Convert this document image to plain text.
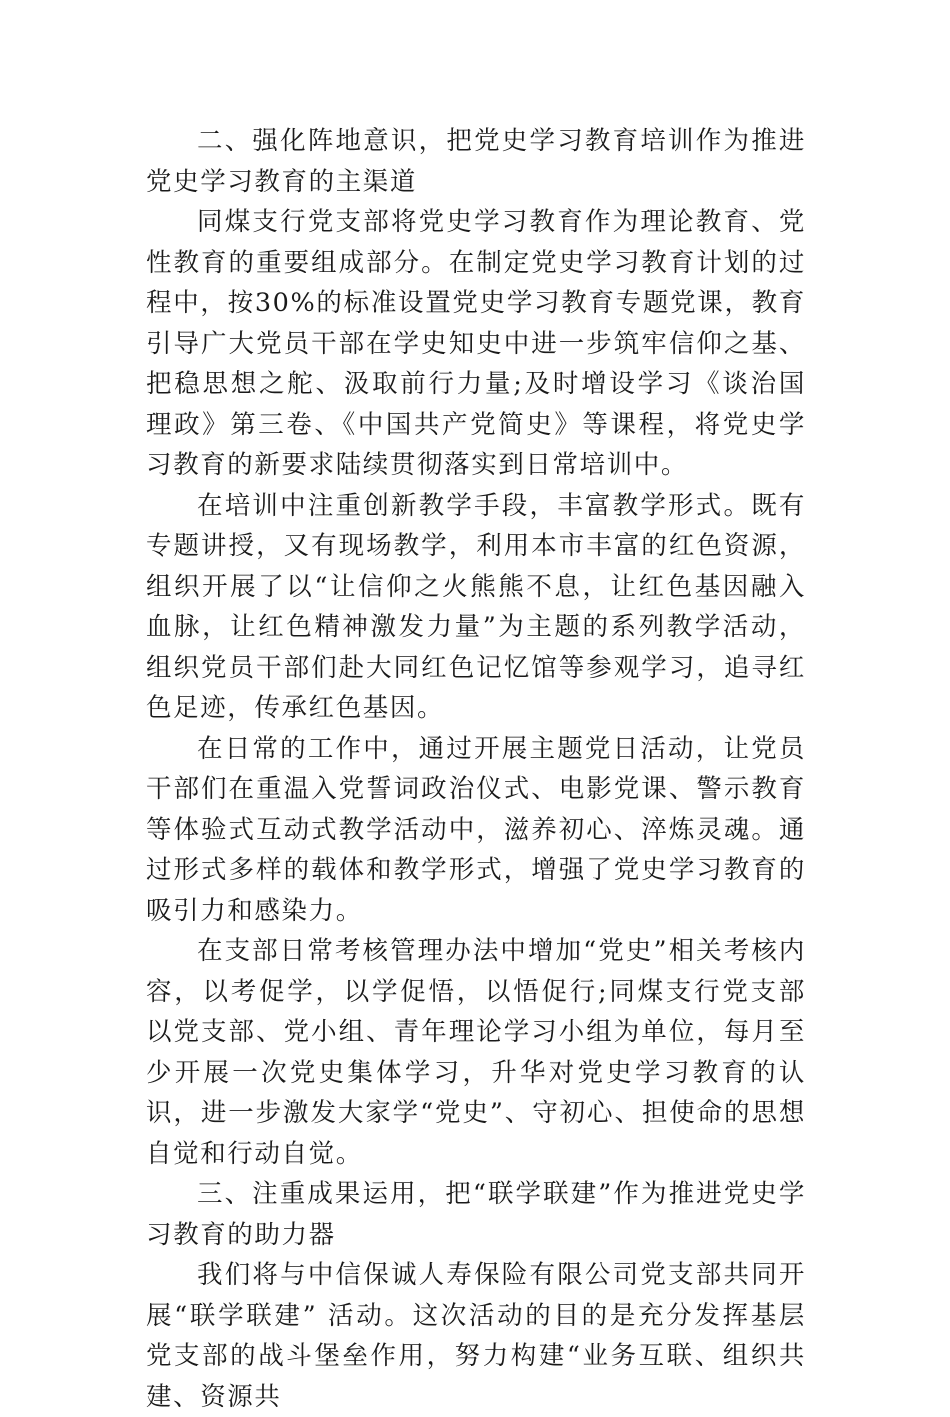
二、强化阵地意识，把党史学习教育培训作为推进党史学习教育的主渠道

同煤支行党支部将党史学习教育作为理论教育、党性教育的重要组成部分。在制定党史学习教育计划的过程中，按30%的标准设置党史学习教育专题党课，教育引导广大党员干部在学史知史中进一步筑牢信仰之基、把稳思想之舵、汲取前行力量;及时增设学习《谈治国理政》第三卷、《中国共产党简史》等课程，将党史学习教育的新要求陆续贯彻落实到日常培训中。

在培训中注重创新教学手段，丰富教学形式。既有专题讲授，又有现场教学，利用本市丰富的红色资源，组织开展了以“让信仰之火熊熊不息，让红色基因融入血脉，让红色精神激发力量”为主题的系列教学活动，组织党员干部们赴大同红色记忆馆等参观学习，追寻红色足迹，传承红色基因。

在日常的工作中，通过开展主题党日活动，让党员干部们在重温入党誓词政治仪式、电影党课、警示教育等体验式互动式教学活动中，滋养初心、淬炼灵魂。通过形式多样的载体和教学形式，增强了党史学习教育的吸引力和感染力。

在支部日常考核管理办法中增加“党史”相关考核内容，以考促学，以学促悟，以悟促行;同煤支行党支部以党支部、党小组、青年理论学习小组为单位，每月至少开展一次党史集体学习，升华对党史学习教育的认识，进一步激发大家学“党史”、守初心、担使命的思想自觉和行动自觉。

三、注重成果运用，把“联学联建”作为推进党史学习教育的助力器

我们将与中信保诚人寿保险有限公司党支部共同开展“联学联建” 活动。这次活动的目的是充分发挥基层党支部的战斗堡垒作用，努力构建“业务互联、组织共建、资源共
